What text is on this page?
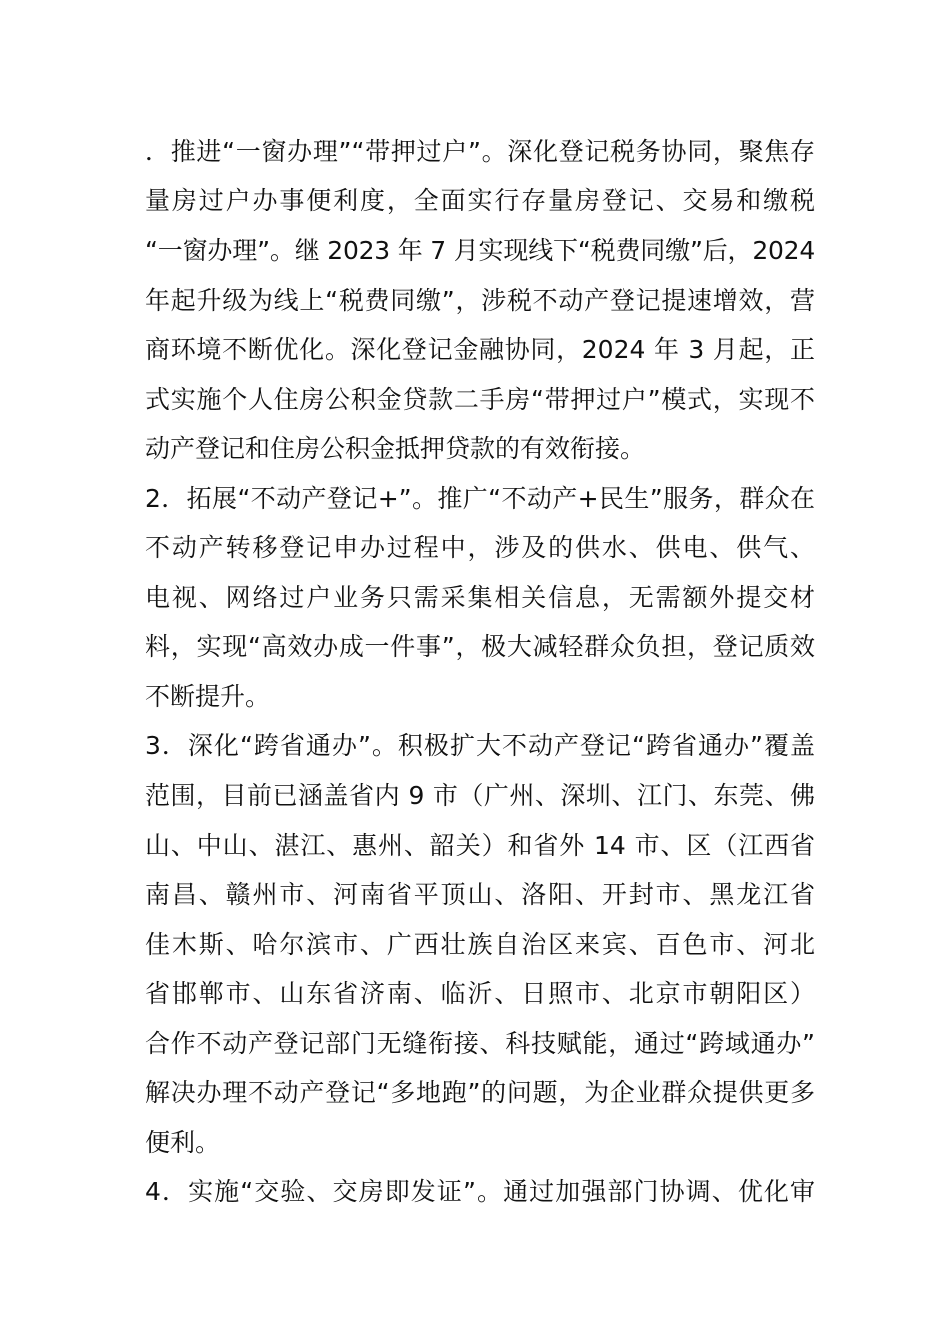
．推进“一窗办理”“带押过户”。深化登记税务协同，聚焦存
量房过户办事便利度，全面实行存量房登记、交易和缴税
“一窗办理”。继 2023 年 7 月实现线下“税费同缴”后，2024
年起升级为线上“税费同缴”，涉税不动产登记提速增效，营
商环境不断优化。深化登记金融协同，2024 年 3 月起，正
式实施个人住房公积金贷款二手房“带押过户”模式，实现不
动产登记和住房公积金抵押贷款的有效衔接。
2．拓展“不动产登记+”。推广“不动产+民生”服务，群众在
不动产转移登记申办过程中，涉及的供水、供电、供气、
电视、网络过户业务只需采集相关信息，无需额外提交材
料，实现“高效办成一件事”，极大减轻群众负担，登记质效
不断提升。
3．深化“跨省通办”。积极扩大不动产登记“跨省通办”覆盖
范围，目前已涵盖省内 9 市（广州、深圳、江门、东莞、佛
山、中山、湛江、惠州、韶关）和省外 14 市、区（江西省
南昌、赣州市、河南省平顶山、洛阳、开封市、黑龙江省
佳木斯、哈尔滨市、广西壮族自治区来宾、百色市、河北
省邯郸市、山东省济南、临沂、日照市、北京市朝阳区）
合作不动产登记部门无缝衔接、科技赋能，通过“跨域通办”
解决办理不动产登记“多地跑”的问题，为企业群众提供更多
便利。
4．实施“交验、交房即发证”。通过加强部门协调、优化审
